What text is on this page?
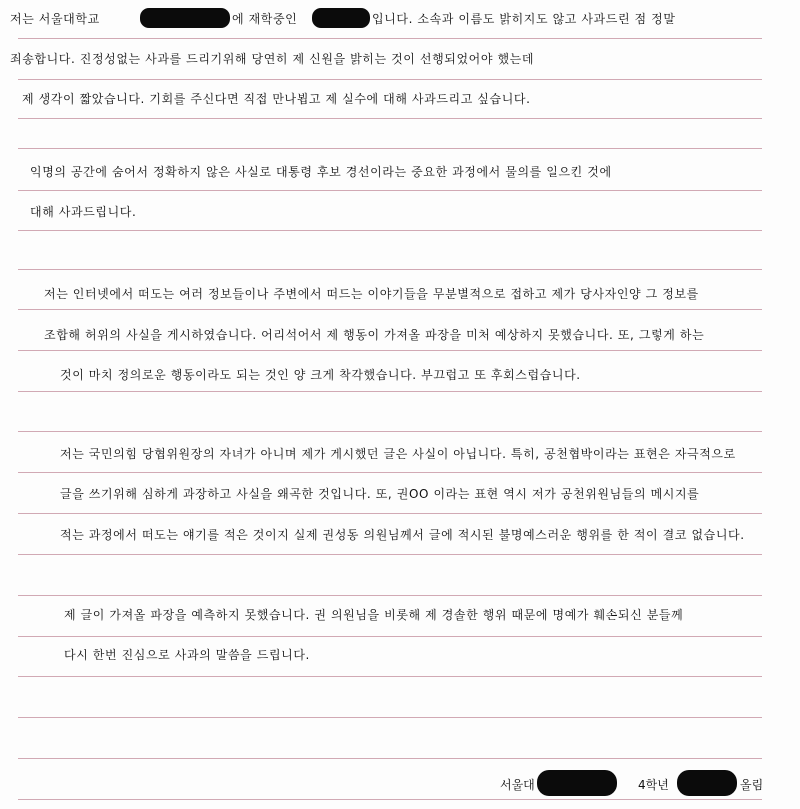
저는 서울대학교	에 재학중인	입니다. 소속과 이름도 밝히지도 않고 사과드린 점 정말
죄송합니다. 진정성없는 사과를 드리기위해 당연히 제 신원을 밝히는 것이 선행되었어야 했는데
제 생각이 짧았습니다. 기회를 주신다면 직접 만나뵙고 제 실수에 대해 사과드리고 싶습니다.
익명의 공간에 숨어서 정확하지 않은 사실로 대통령 후보 경선이라는 중요한 과정에서 물의를 일으킨 것에
대해 사과드립니다.
저는 인터넷에서 떠도는 여러 정보들이나 주변에서 떠드는 이야기들을 무분별적으로 접하고 제가 당사자인양 그 정보를
조합해 허위의 사실을 게시하였습니다. 어리석어서 제 행동이 가져올 파장을 미처 예상하지 못했습니다. 또, 그렇게 하는
것이 마치 정의로운 행동이라도 되는 것인 양 크게 착각했습니다. 부끄럽고 또 후회스럽습니다.
저는 국민의힘 당협위원장의 자녀가 아니며 제가 게시했던 글은 사실이 아닙니다. 특히, 공천협박이라는 표현은 자극적으로
글을 쓰기위해 심하게 과장하고 사실을 왜곡한 것입니다. 또, 권OO 이라는 표현 역시 저가 공천위원님들의 메시지를
적는 과정에서 떠도는 얘기를 적은 것이지 실제 권성동 의원님께서 글에 적시된 불명예스러운 행위를 한 적이 결코 없습니다.
제 글이 가져올 파장을 예측하지 못했습니다. 권 의원님을 비롯해 제 경솔한 행위 때문에 명예가 훼손되신 분들께
다시 한번 진심으로 사과의 말씀을 드립니다.
서울대	4학년	올림
